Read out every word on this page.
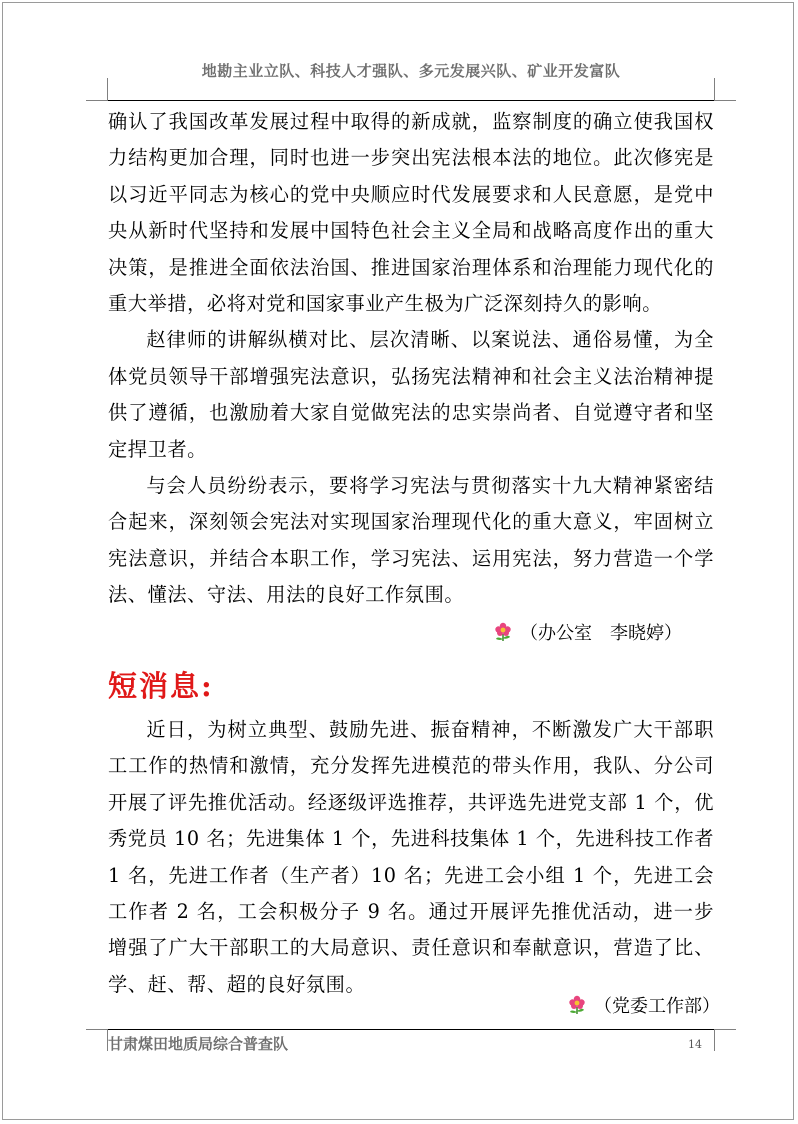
地勘主业立队、科技人才强队、多元发展兴队、矿业开发富队

确认了我国改革发展过程中取得的新成就，监察制度的确立使我国权力结构更加合理，同时也进一步突出宪法根本法的地位。此次修宪是以习近平同志为核心的党中央顺应时代发展要求和人民意愿，是党中央从新时代坚持和发展中国特色社会主义全局和战略高度作出的重大决策，是推进全面依法治国、推进国家治理体系和治理能力现代化的重大举措，必将对党和国家事业产生极为广泛深刻持久的影响。

赵律师的讲解纵横对比、层次清晰、以案说法、通俗易懂，为全体党员领导干部增强宪法意识，弘扬宪法精神和社会主义法治精神提供了遵循，也激励着大家自觉做宪法的忠实崇尚者、自觉遵守者和坚定捍卫者。

与会人员纷纷表示，要将学习宪法与贯彻落实十九大精神紧密结合起来，深刻领会宪法对实现国家治理现代化的重大意义，牢固树立宪法意识，并结合本职工作，学习宪法、运用宪法，努力营造一个学法、懂法、守法、用法的良好工作氛围。

（办公室　李晓婷）
短消息:

近日，为树立典型、鼓励先进、振奋精神，不断激发广大干部职工工作的热情和激情，充分发挥先进模范的带头作用，我队、分公司开展了评先推优活动。经逐级评选推荐，共评选先进党支部 1 个，优秀党员 10 名；先进集体 1 个，先进科技集体 1 个，先进科技工作者 1 名，先进工作者（生产者）10 名；先进工会小组 1 个，先进工会工作者 2 名，工会积极分子 9 名。通过开展评先推优活动，进一步增强了广大干部职工的大局意识、责任意识和奉献意识，营造了比、学、赶、帮、超的良好氛围。

（党委工作部）
甘肃煤田地质局综合普查队	14
